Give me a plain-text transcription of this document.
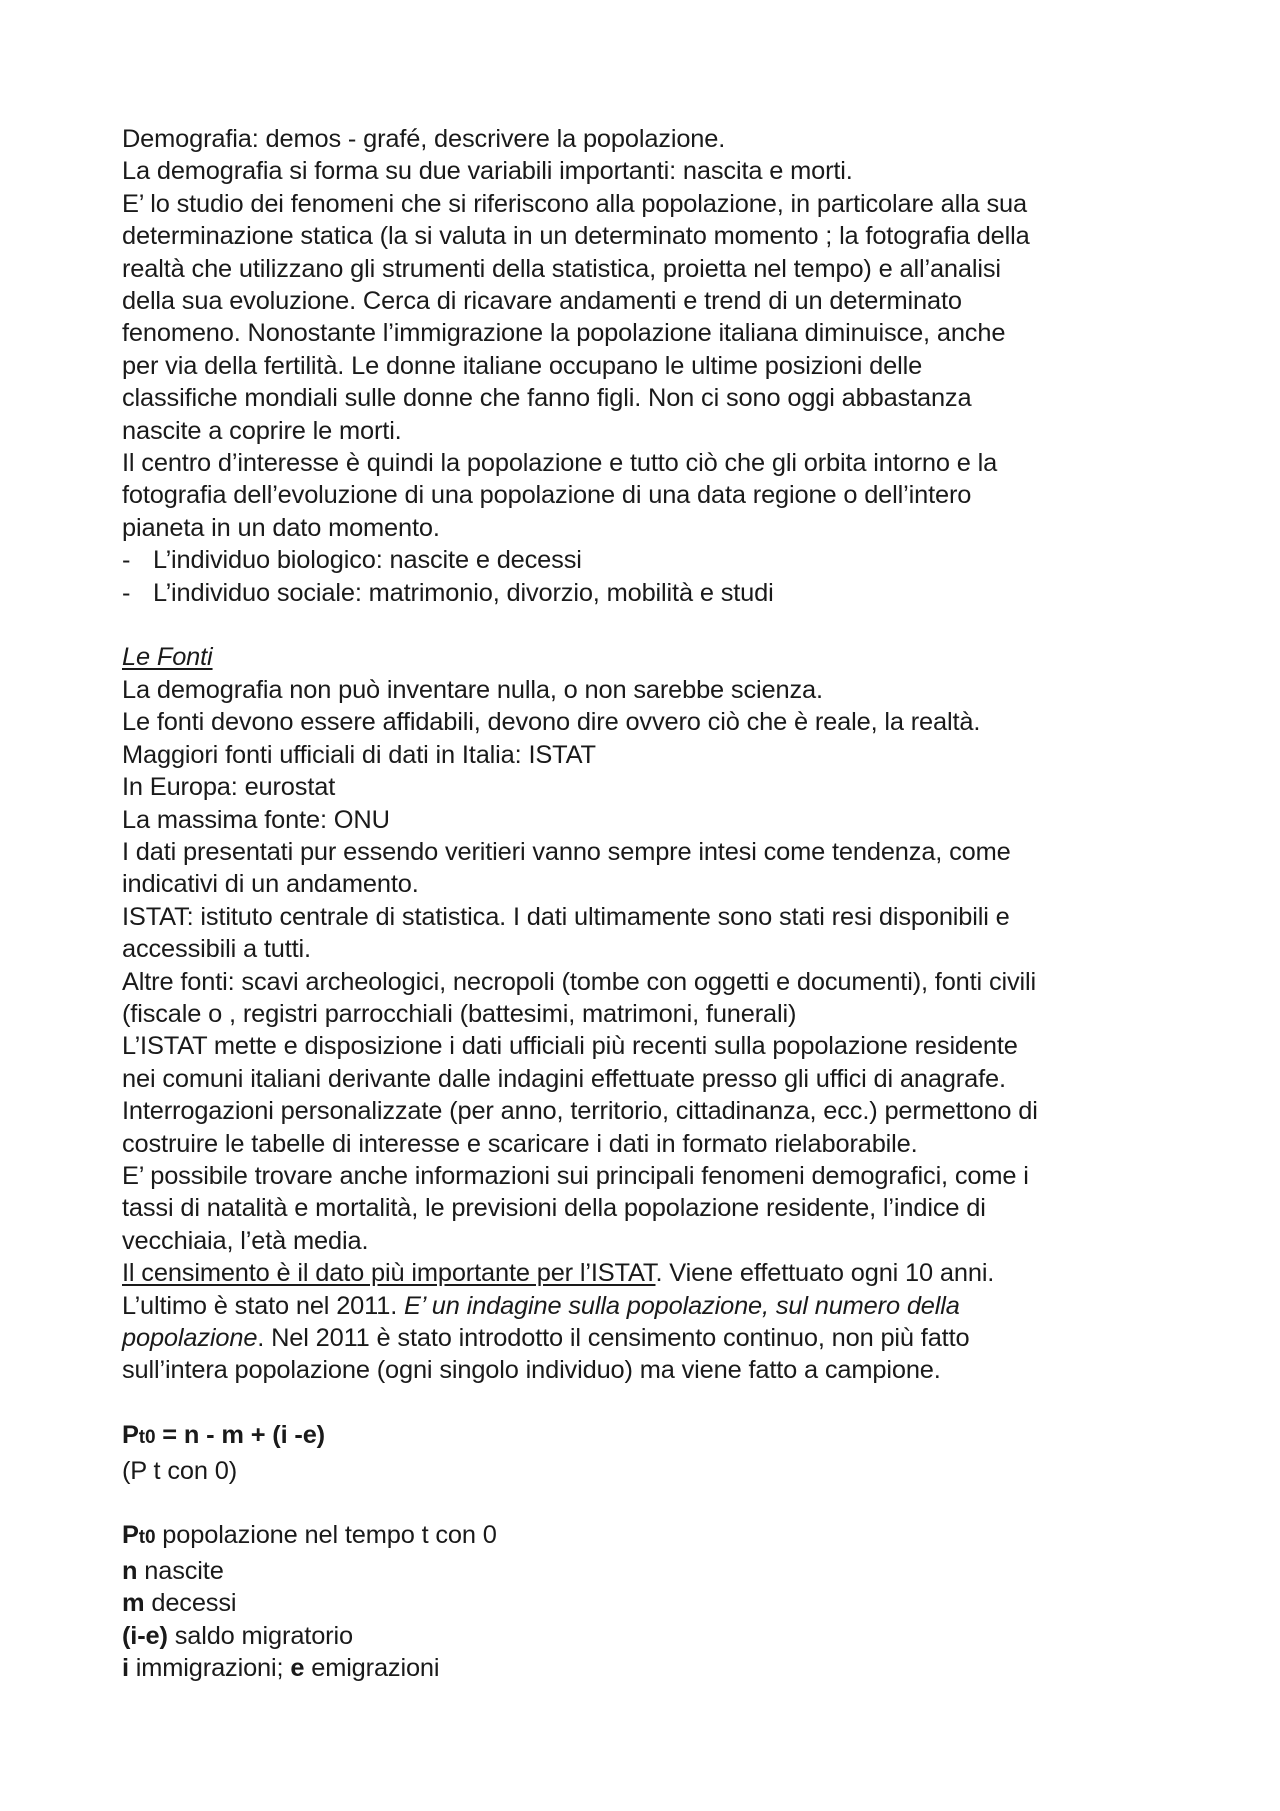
Demografia: demos - grafé, descrivere la popolazione.
La demografia si forma su due variabili importanti: nascita e morti.
E’ lo studio dei fenomeni che si riferiscono alla popolazione, in particolare alla sua
determinazione statica (la si valuta in un determinato momento ; la fotografia della
realtà che utilizzano gli strumenti della statistica, proietta nel tempo) e all’analisi
della sua evoluzione. Cerca di ricavare andamenti e trend di un determinato
fenomeno. Nonostante l’immigrazione la popolazione italiana diminuisce, anche
per via della fertilità. Le donne italiane occupano le ultime posizioni delle
classifiche mondiali sulle donne che fanno figli. Non ci sono oggi abbastanza
nascite a coprire le morti.
Il centro d’interesse è quindi la popolazione e tutto ciò che gli orbita intorno e la
fotografia dell’evoluzione di una popolazione di una data regione o dell’intero
pianeta in un dato momento.
- L’individuo biologico: nascite e decessi
- L’individuo sociale: matrimonio, divorzio, mobilità e studi
Le Fonti
La demografia non può inventare nulla, o non sarebbe scienza.
Le fonti devono essere affidabili, devono dire ovvero ciò che è reale, la realtà.
Maggiori fonti ufficiali di dati in Italia: ISTAT
In Europa: eurostat
La massima fonte: ONU
I dati presentati pur essendo veritieri vanno sempre intesi come tendenza, come
indicativi di un andamento.
ISTAT: istituto centrale di statistica. I dati ultimamente sono stati resi disponibili e
accessibili a tutti.
Altre fonti: scavi archeologici, necropoli (tombe con oggetti e documenti), fonti civili
(fiscale o , registri parrocchiali (battesimi, matrimoni, funerali)
L’ISTAT mette e disposizione i dati ufficiali più recenti sulla popolazione residente
nei comuni italiani derivante dalle indagini effettuate presso gli uffici di anagrafe.
Interrogazioni personalizzate (per anno, territorio, cittadinanza, ecc.) permettono di
costruire le tabelle di interesse e scaricare i dati in formato rielaborabile.
E’ possibile trovare anche informazioni sui principali fenomeni demografici, come i
tassi di natalità e mortalità, le previsioni della popolazione residente, l’indice di
vecchiaia, l’età media.
Il censimento è il dato più importante per l’ISTAT. Viene effettuato ogni 10 anni.
L’ultimo è stato nel 2011. E’ un indagine sulla popolazione, sul numero della
popolazione. Nel 2011 è stato introdotto il censimento continuo, non più fatto
sull’intera popolazione (ogni singolo individuo) ma viene fatto a campione.
Pt0 = n - m + (i -e)
(P t con 0)
Pt0 popolazione nel tempo t con 0
n nascite
m decessi
(i-e) saldo migratorio
i immigrazioni; e emigrazioni
